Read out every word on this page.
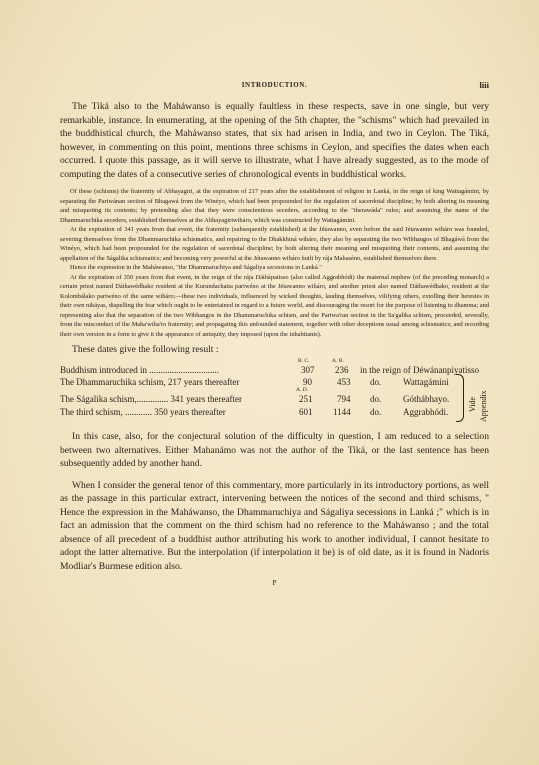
INTRODUCTION.	liii

The Tiká also to the Maháwanso is equally faultless in these respects, save in one single, but very remarkable, instance. In enumerating, at the opening of the 5th chapter, the "schisms" which had prevailed in the buddhistical church, the Maháwanso states, that six had arisen in India, and two in Ceylon. The Tiká, however, in commenting on this point, mentions three schisms in Ceylon, and specifies the dates when each occurred. I quote this passage, as it will serve to illustrate, what I have already suggested, as to the mode of computing the dates of a consecutive series of chronological events in buddhistical works.

Of these (schisms) the fraternity of Abhayagiri, at the expiration of 217 years after the establishment of religion in Lanká, in the reign of king Wattagámini, by separating the Pariwánan section of Bhagawá from the Winéyo, which had been propounded for the regulation of sacerdotal discipline; by both altering its meaning and misquoting its contents; by pretending also that they were conscientious seceders, according to the "therawáda" rules; and assuming the name of the Dhammaruchika seceders, established themselves at the Abhayagiriwiháro, which was constructed by Wattagámini.

At the expiration of 341 years from that event, the fraternity (subsequently established) at the Jétawanno, even before the said Jétawanno wiháro was founded, severing themselves from the Dhammaruchika schismatics, and repairing to the Dhakkhiná wiháro, they also by separating the two Wibhangos of Bhagáwá from the Winéyo, which had been propounded for the regulation of sacerdotal discipline; by both altering their meaning and misquoting their contents, and assuming the appellation of the Ságalika schismatics; and becoming very powerful at the Jétawanno wiháro built by rája Mahaséno, established themselves there.

Hence the expression in the Maháwanso, "the Dhammaruchiya and Ságaliya secessions in Lanká."

At the expiration of 350 years from that event, in the reign of the rája Dáthápatisso (also called Aggrabhódi) the maternal nephew (of the preceding monarch) a certain priest named Dáthawédhako resident at the Kurundachatta pariwéno at the Jétawanno wiháro, and another priest also named Dáthawédhako, resident at the Kolombálako pariwéno of the same wiháro;—these two individuals, influenced by wicked thoughts, lauding themselves, vilifying others, extolling their heresies in their own nikáyas, dispelling the fear which ought to be entertained in regard to a future world, and discouraging the resort for the purpose of listening to dhamma; and representing also that the separation of the two Wibhangos in the Dhammaruchika schism, and the Pariwa'ran section in the Sa'galika schism, proceeded, severally, from the misconduct of the Maha'wiha'ro fraternity; and propagating this unfounded statement, together with other deceptions usual among schismatics; and recording their own version in a form to give it the appearance of antiquity, they imposed (upon the inhabitants).

These dates give the following result :

B. C.	A. B.
A. D.
Buddhism introduced in ...............................	307 236 in the reign of Déwánanpiyatisso
The Dhammaruchika schism, 217 years thereafter	90	453 do. Wattagámini
The Ságalika schism,.............. 341 years thereafter	251	794 do. Góthábhayo.
The third schism, ............ 350 years thereafter	601 1144 do. Aggrabhódi. Vide Appendix

In this case, also, for the conjectural solution of the difficulty in question, I am reduced to a selection between two alternatives. Either Mahanámo was not the author of the Tiká, or the last sentence has been subsequently added by another hand.

When I consider the general tenor of this commentary, more particularly in its introductory portions, as well as the passage in this particular extract, intervening between the notices of the second and third schisms, " Hence the expression in the Maháwanso, the Dhammaruchiya and Ságaliya secessions in Lanká ;" which is in fact an admission that the comment on the third schism had no reference to the Maháwanso ; and the total absence of all precedent of a buddhist author attributing his work to another individual, I cannot hesitate to adopt the latter alternative. But the interpolation (if interpolation it be) is of old date, as it is found in Nadoris Modliar's Burmese edition also.

P
